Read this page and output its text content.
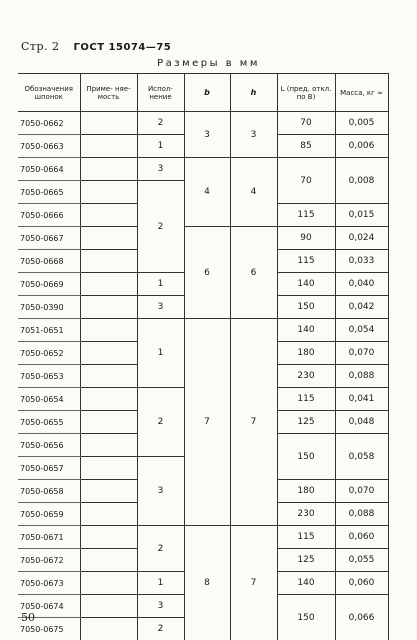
Стр. 2 ГОСТ 15074—75
Размеры в мм
Обозначения шпонок	Приме- няе- мость	Испол- нение	b	h	L (пред. откл. по B)	Масса, кг ≈
7050-0662		2	3	3	70	0,005
7050-0663		1			85	0,006
7050-0664		3	4	4	70	0,008
7050-0665		2				
7050-0666					115	0,015
7050-0667			6	6	90	0,024
7050-0668					115	0,033
7050-0669		1			140	0,040
7050-0390		3			150	0,042
7051-0651		1	7	7	140	0,054
7050-0652					180	0,070
7050-0653					230	0,088
7050-0654		2			115	0,041
7050-0655					125	0,048
7050-0656					150	0,058
7050-0657		3				
7050-0658					180	0,070
7050-0659					230	0,088
7050-0671		2	8	7	115	0,060
7050-0672					125	0,055
7050-0673		1			140	0,060
7050-0674		3			150	0,066
7050-0675		2				
50
